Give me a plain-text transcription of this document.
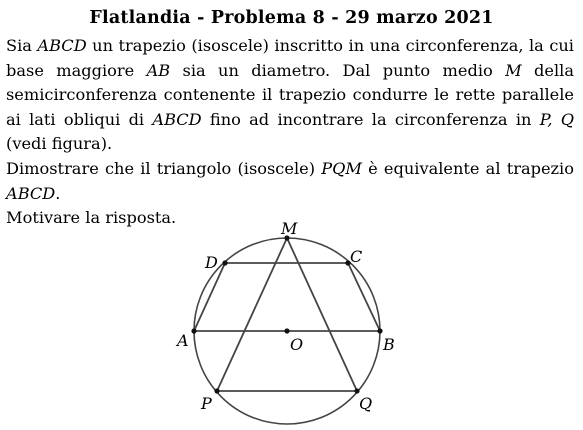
Flatlandia - Problema 8 - 29 marzo 2021

Sia ABCD un trapezio (isoscele) inscritto in una circonferenza, la cui base maggiore AB sia un diametro. Dal punto medio M della semicirconferenza contenente il trapezio condurre le rette parallele ai lati obliqui di ABCD fino ad incontrare la circonferenza in P, Q (vedi figura).

Dimostrare che il triangolo (isoscele) PQM è equivalente al trapezio ABCD.

Motivare la risposta.

M
C
D
A	O	B
P	Q
